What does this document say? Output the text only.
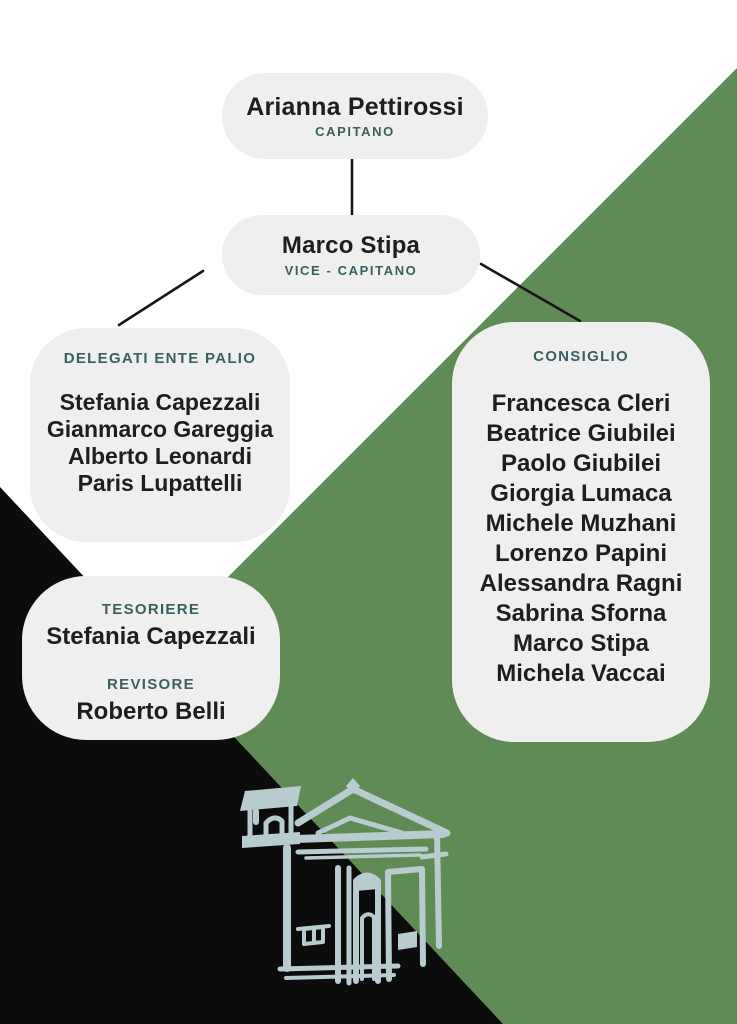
Arianna Pettirossi
CAPITANO
Marco Stipa
VICE - CAPITANO
DELEGATI ENTE PALIO
Stefania Capezzali
Gianmarco Gareggia
Alberto Leonardi
Paris Lupattelli
CONSIGLIO
Francesca Cleri
Beatrice Giubilei
Paolo Giubilei
Giorgia Lumaca
Michele Muzhani
Lorenzo Papini
Alessandra Ragni
Sabrina Sforna
Marco Stipa
Michela Vaccai
TESORIERE
Stefania Capezzali
REVISORE
Roberto Belli
